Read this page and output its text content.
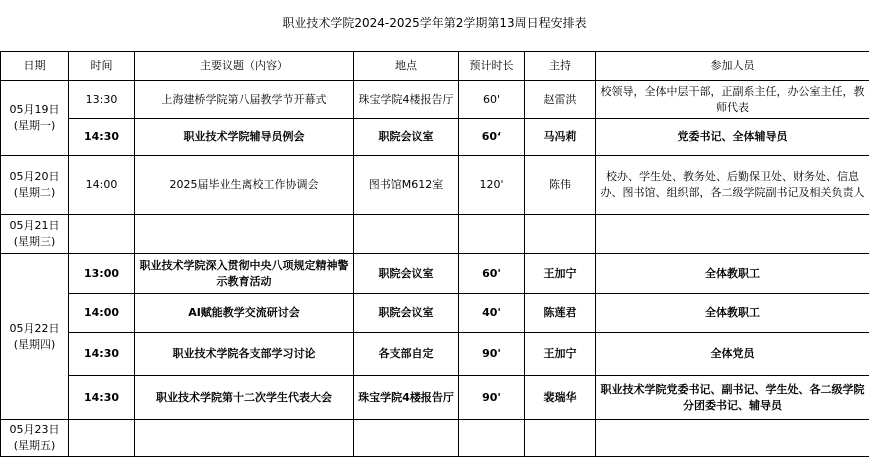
职业技术学院2024-2025学年第2学期第13周日程安排表
日期	时间	主要议题（内容）	地点	预计时长	主持	参加人员

05月19日
(星期一)	13:30	上海建桥学院第八届教学节开幕式	珠宝学院4楼报告厅	60'	赵雷洪	校领导，全体中层干部，正副系主任，办公室主任，教师代表
	14:30	职业技术学院辅导员例会	职院会议室	60‘	马冯莉	党委书记、全体辅导员

05月20日
(星期二)	14:00	2025届毕业生离校工作协调会	图书馆M612室	120'	陈伟	校办、学生处、教务处、后勤保卫处、财务处、信息办、图书馆、组织部，各二级学院副书记及相关负责人

05月21日
(星期三)						

05月22日
(星期四)	13:00	职业技术学院深入贯彻中央八项规定精神警示教育活动	职院会议室	60'	王加宁	全体教职工
	14:00	AI赋能教学交流研讨会	职院会议室	40'	陈莲君	全体教职工
	14:30	职业技术学院各支部学习讨论	各支部自定	90'	王加宁	全体党员
	14:30	职业技术学院第十二次学生代表大会	珠宝学院4楼报告厅	90'	裴瑞华	职业技术学院党委书记、副书记、学生处、各二级学院分团委书记、辅导员

05月23日
(星期五)						
